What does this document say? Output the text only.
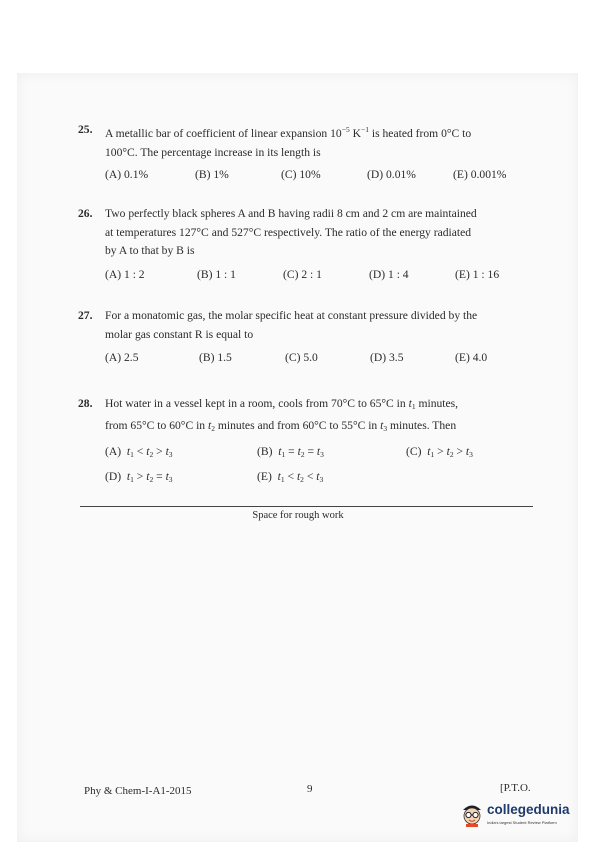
25. A metallic bar of coefficient of linear expansion $10^{-5}$ $K^{-1}$ is heated from 0°C to
100°C. The percentage increase in its length is
(A) 0.1%	(B) 1%	(C) 10%	(D) 0.01%	(E) 0.001%
26. Two perfectly black spheres A and B having radii 8 cm and 2 cm are maintained
at temperatures 127°C and 527°C respectively. The ratio of the energy radiated
by A to that by B is
(A) 1 : 2	(B) 1 : 1	(C) 2 : 1	(D) 1 : 4	(E) 1 : 16
27. For a monatomic gas, the molar specific heat at constant pressure divided by the
molar gas constant R is equal to
(A) 2.5	(B) 1.5	(C) 5.0	(D) 3.5	(E) 4.0
28. Hot water in a vessel kept in a room, cools from 70°C to 65°C in $t_1$ minutes,
from 65°C to 60°C in $t_2$ minutes and from 60°C to 55°C in $t_3$ minutes. Then
(A) $t_1 < t_2 > t_3$	(B) $t_1 = t_2 = t_3$	(C) $t_1 > t_2 > t_3$
(D) $t_1 > t_2 = t_3$	(E) $t_1 < t_2 < t_3$
Space for rough work
Phy & Chem-I-A1-2015	9	[P.T.O.
collegedunia
India's largest Student Review Platform
